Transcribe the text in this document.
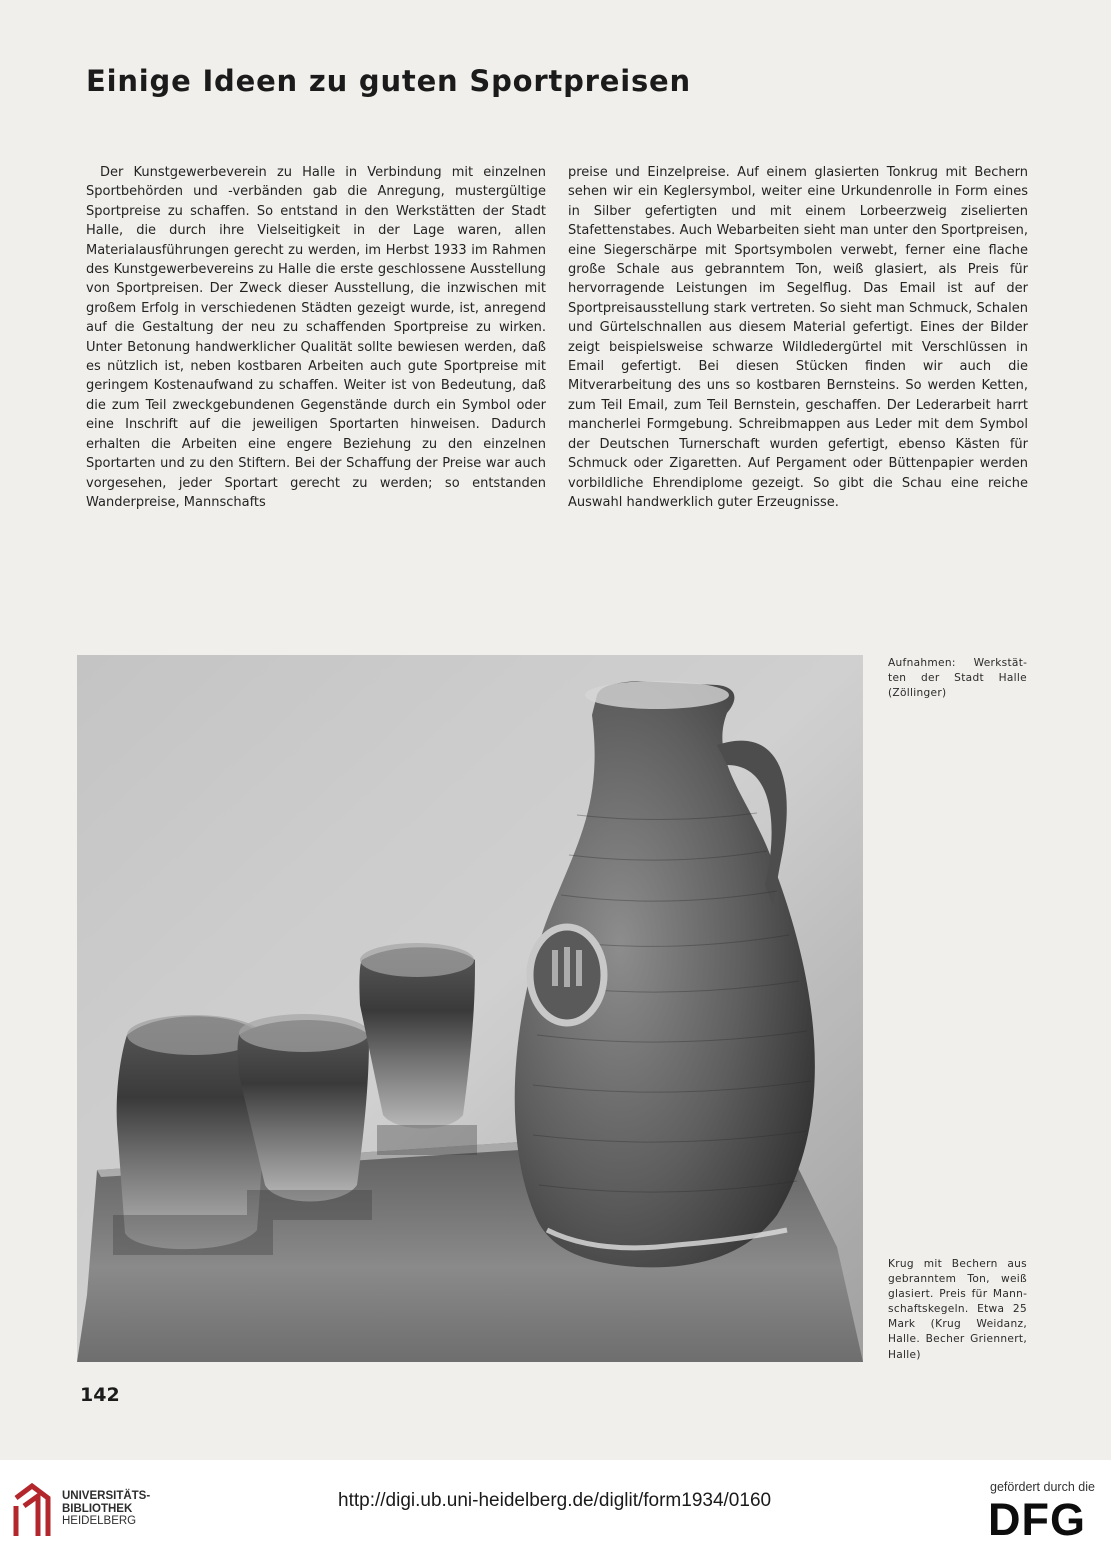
Einige Ideen zu guten Sportpreisen

Der Kunstgewerbeverein zu Halle in Verbindung mit einzelnen Sportbehörden und -verbänden gab die Anregung, mustergültige Sportpreise zu schaffen. So entstand in den Werkstätten der Stadt Halle, die durch ihre Vielseitigkeit in der Lage waren, allen Materialausführungen gerecht zu werden, im Herbst 1933 im Rahmen des Kunstgewerbevereins zu Halle die erste geschlossene Ausstellung von Sportpreisen. Der Zweck dieser Ausstellung, die inzwischen mit großem Erfolg in verschiedenen Städten gezeigt wurde, ist, anregend auf die Gestaltung der neu zu schaffenden Sportpreise zu wirken. Unter Betonung handwerklicher Qualität sollte bewiesen werden, daß es nützlich ist, neben kostbaren Arbeiten auch gute Sportpreise mit geringem Kostenaufwand zu schaffen. Weiter ist von Bedeutung, daß die zum Teil zweckgebundenen Gegenstände durch ein Symbol oder eine Inschrift auf die jeweiligen Sportarten hinweisen. Dadurch erhalten die Arbeiten eine engere Beziehung zu den einzelnen Sportarten und zu den Stiftern. Bei der Schaffung der Preise war auch vorgesehen, jeder Sportart gerecht zu werden; so entstanden Wanderpreise, Mannschafts

preise und Einzelpreise. Auf einem glasierten Tonkrug mit Bechern sehen wir ein Keglersymbol, weiter eine Urkundenrolle in Form eines in Silber gefertigten und mit einem Lorbeerzweig ziselierten Stafettenstabes. Auch Webarbeiten sieht man unter den Sportpreisen, eine Siegerschärpe mit Sportsymbolen verwebt, ferner eine flache große Schale aus gebranntem Ton, weiß glasiert, als Preis für hervorragende Leistungen im Segelflug. Das Email ist auf der Sportpreisausstellung stark vertreten. So sieht man Schmuck, Schalen und Gürtelschnallen aus diesem Material gefertigt. Eines der Bilder zeigt beispielsweise schwarze Wildledergürtel mit Verschlüssen in Email gefertigt. Bei diesen Stücken finden wir auch die Mitverarbeitung des uns so kostbaren Bernsteins. So werden Ketten, zum Teil Email, zum Teil Bernstein, geschaffen. Der Lederarbeit harrt mancherlei Formgebung. Schreibmappen aus Leder mit dem Symbol der Deutschen Turnerschaft wurden gefertigt, ebenso Kästen für Schmuck oder Zigaretten. Auf Pergament oder Büttenpapier werden vorbildliche Ehrendiplome gezeigt. So gibt die Schau eine reiche Auswahl handwerklich guter Erzeugnisse.

Aufnahmen: Werkstätten der Stadt Halle (Zöllinger)

Krug mit Bechern aus gebranntem Ton, weiß glasiert. Preis für Mannschaftskegeln. Etwa 25 Mark (Krug Weidanz, Halle. Becher Griennert, Halle)

142

UNIVERSITÄTS-
BIBLIOTHEK
HEIDELBERG

http://digi.ub.uni-heidelberg.de/diglit/form1934/0160

gefördert durch die

DFG
